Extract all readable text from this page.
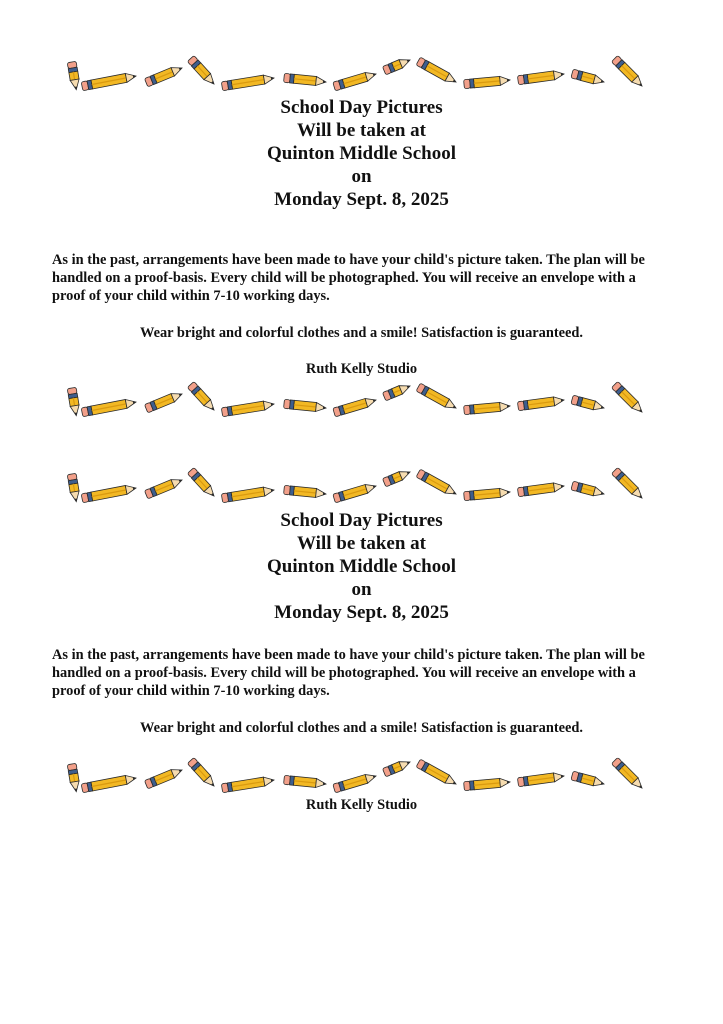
School Day Pictures
Will be taken at
Quinton Middle School
on
Monday Sept. 8, 2025
As in the past, arrangements have been made to have your child's picture taken. The plan will be handled on a proof-basis. Every child will be photographed. You will receive an envelope with a proof of your child within 7-10 working days.
Wear bright and colorful clothes and a smile! Satisfaction is guaranteed.
Ruth Kelly Studio
School Day Pictures
Will be taken at
Quinton Middle School
on
Monday Sept. 8, 2025
As in the past, arrangements have been made to have your child's picture taken. The plan will be handled on a proof-basis. Every child will be photographed. You will receive an envelope with a proof of your child within 7-10 working days.
Wear bright and colorful clothes and a smile! Satisfaction is guaranteed.
Ruth Kelly Studio
